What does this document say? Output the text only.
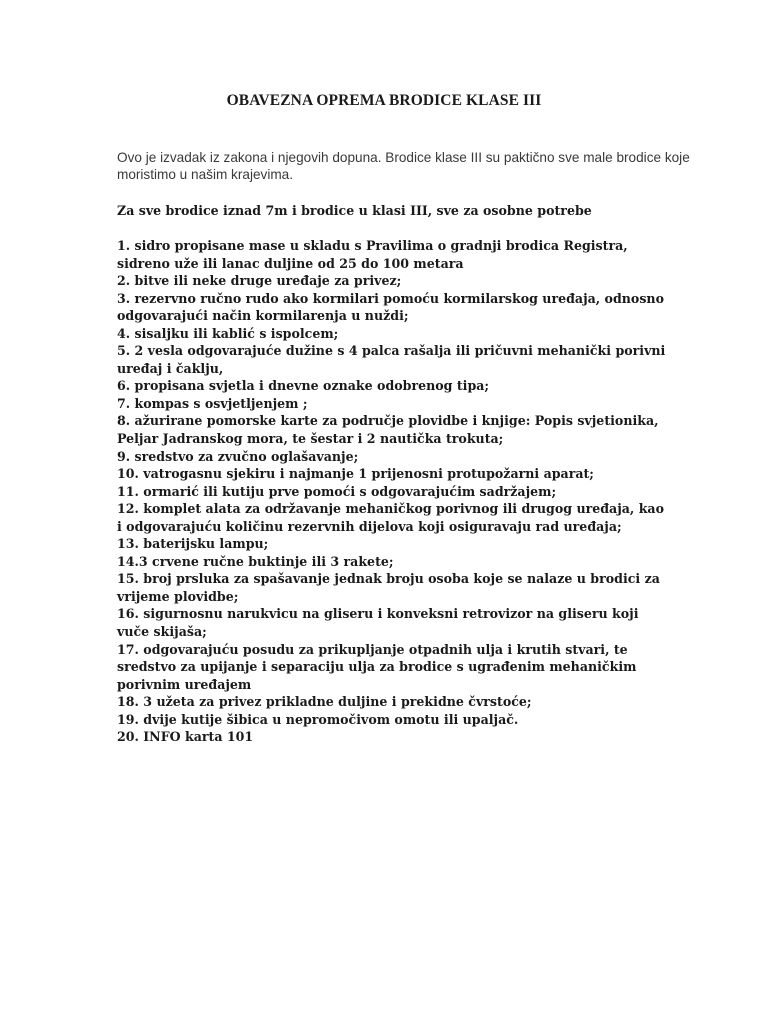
OBAVEZNA OPREMA BRODICE KLASE III

Ovo je izvadak iz zakona i njegovih dopuna. Brodice klase III su paktično sve male brodice koje moristimo u našim krajevima.

Za sve brodice iznad 7m i brodice u klasi III, sve za osobne potrebe

1. sidro propisane mase u skladu s Pravilima o gradnji brodica Registra, sidreno uže ili lanac duljine od 25 do 100 metara
2. bitve ili neke druge uređaje za privez;
3. rezervno ručno rudo ako kormilari pomoću kormilarskog uređaja, odnosno odgovarajući način kormilarenja u nuždi;
4. sisaljku ili kablić s ispolcem;
5. 2 vesla odgovarajuće dužine s 4 palca rašalja ili pričuvni mehanički porivni uređaj i čaklju,
6. propisana svjetla i dnevne oznake odobrenog tipa;
7. kompas s osvjetljenjem ;
8. ažurirane pomorske karte za područje plovidbe i knjige: Popis svjetionika, Peljar Jadranskog mora, te šestar i 2 nautička trokuta;
9. sredstvo za zvučno oglašavanje;
10. vatrogasnu sjekiru i najmanje 1 prijenosni protupožarni aparat;
11. ormarić ili kutiju prve pomoći s odgovarajućim sadržajem;
12. komplet alata za održavanje mehaničkog porivnog ili drugog uređaja, kao i odgovarajuću količinu rezervnih dijelova koji osiguravaju rad uređaja;
13. baterijsku lampu;
14.3 crvene ručne buktinje ili 3 rakete;
15. broj prsluka za spašavanje jednak broju osoba koje se nalaze u brodici za vrijeme plovidbe;
16. sigurnosnu narukvicu na gliseru i konveksni retrovizor na gliseru koji vuče skijaša;
17. odgovarajuću posudu za prikupljanje otpadnih ulja i krutih stvari, te sredstvo za upijanje i separaciju ulja za brodice s ugrađenim mehaničkim porivnim uređajem
18. 3 užeta za privez prikladne duljine i prekidne čvrstoće;
19. dvije kutije šibica u nepromočivom omotu ili upaljač.
20. INFO karta 101
